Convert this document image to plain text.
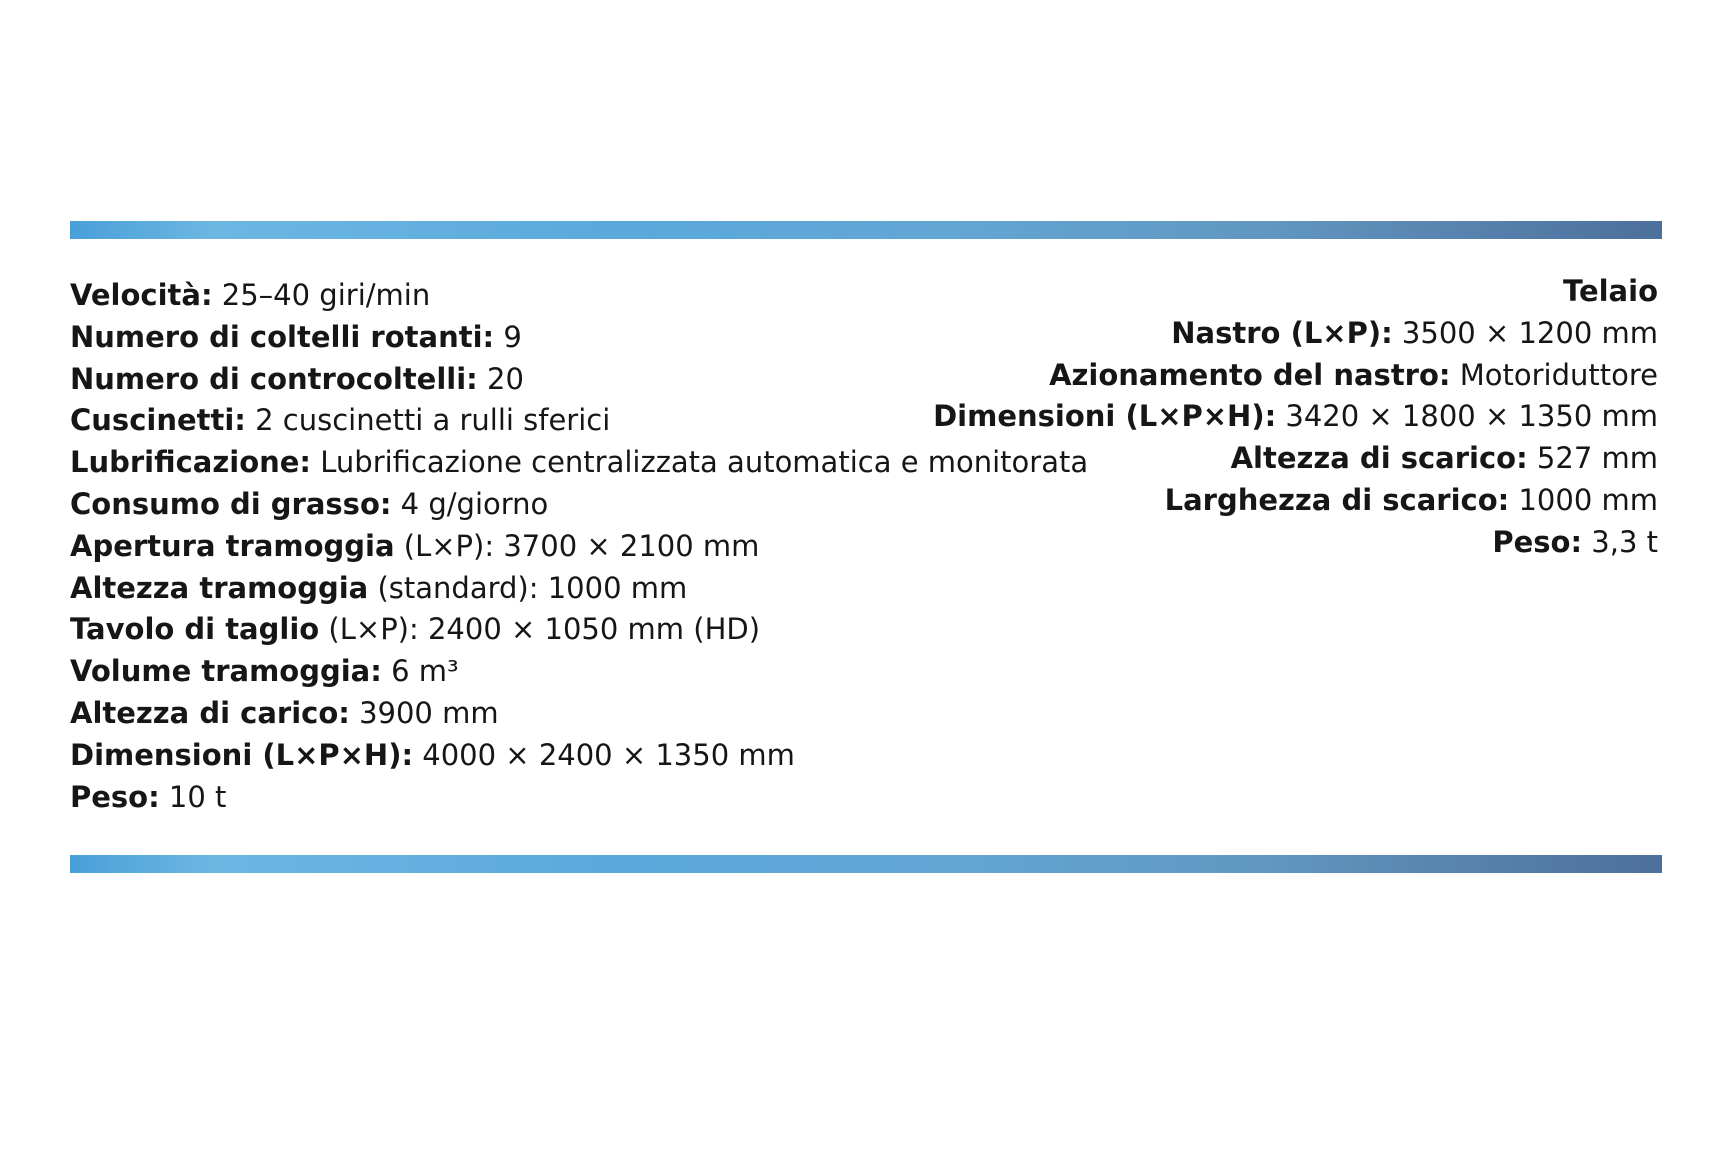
Velocità: 25–40 giri/min
Numero di coltelli rotanti: 9
Numero di controcoltelli: 20
Cuscinetti: 2 cuscinetti a rulli sferici
Lubrificazione: Lubrificazione centralizzata automatica e monitorata
Consumo di grasso: 4 g/giorno
Apertura tramoggia (L×P): 3700 × 2100 mm
Altezza tramoggia (standard): 1000 mm
Tavolo di taglio (L×P): 2400 × 1050 mm (HD)
Volume tramoggia: 6 m³
Altezza di carico: 3900 mm
Dimensioni (L×P×H): 4000 × 2400 × 1350 mm
Peso: 10 t
Telaio
Nastro (L×P): 3500 × 1200 mm
Azionamento del nastro: Motoriduttore
Dimensioni (L×P×H): 3420 × 1800 × 1350 mm
Altezza di scarico: 527 mm
Larghezza di scarico: 1000 mm
Peso: 3,3 t
